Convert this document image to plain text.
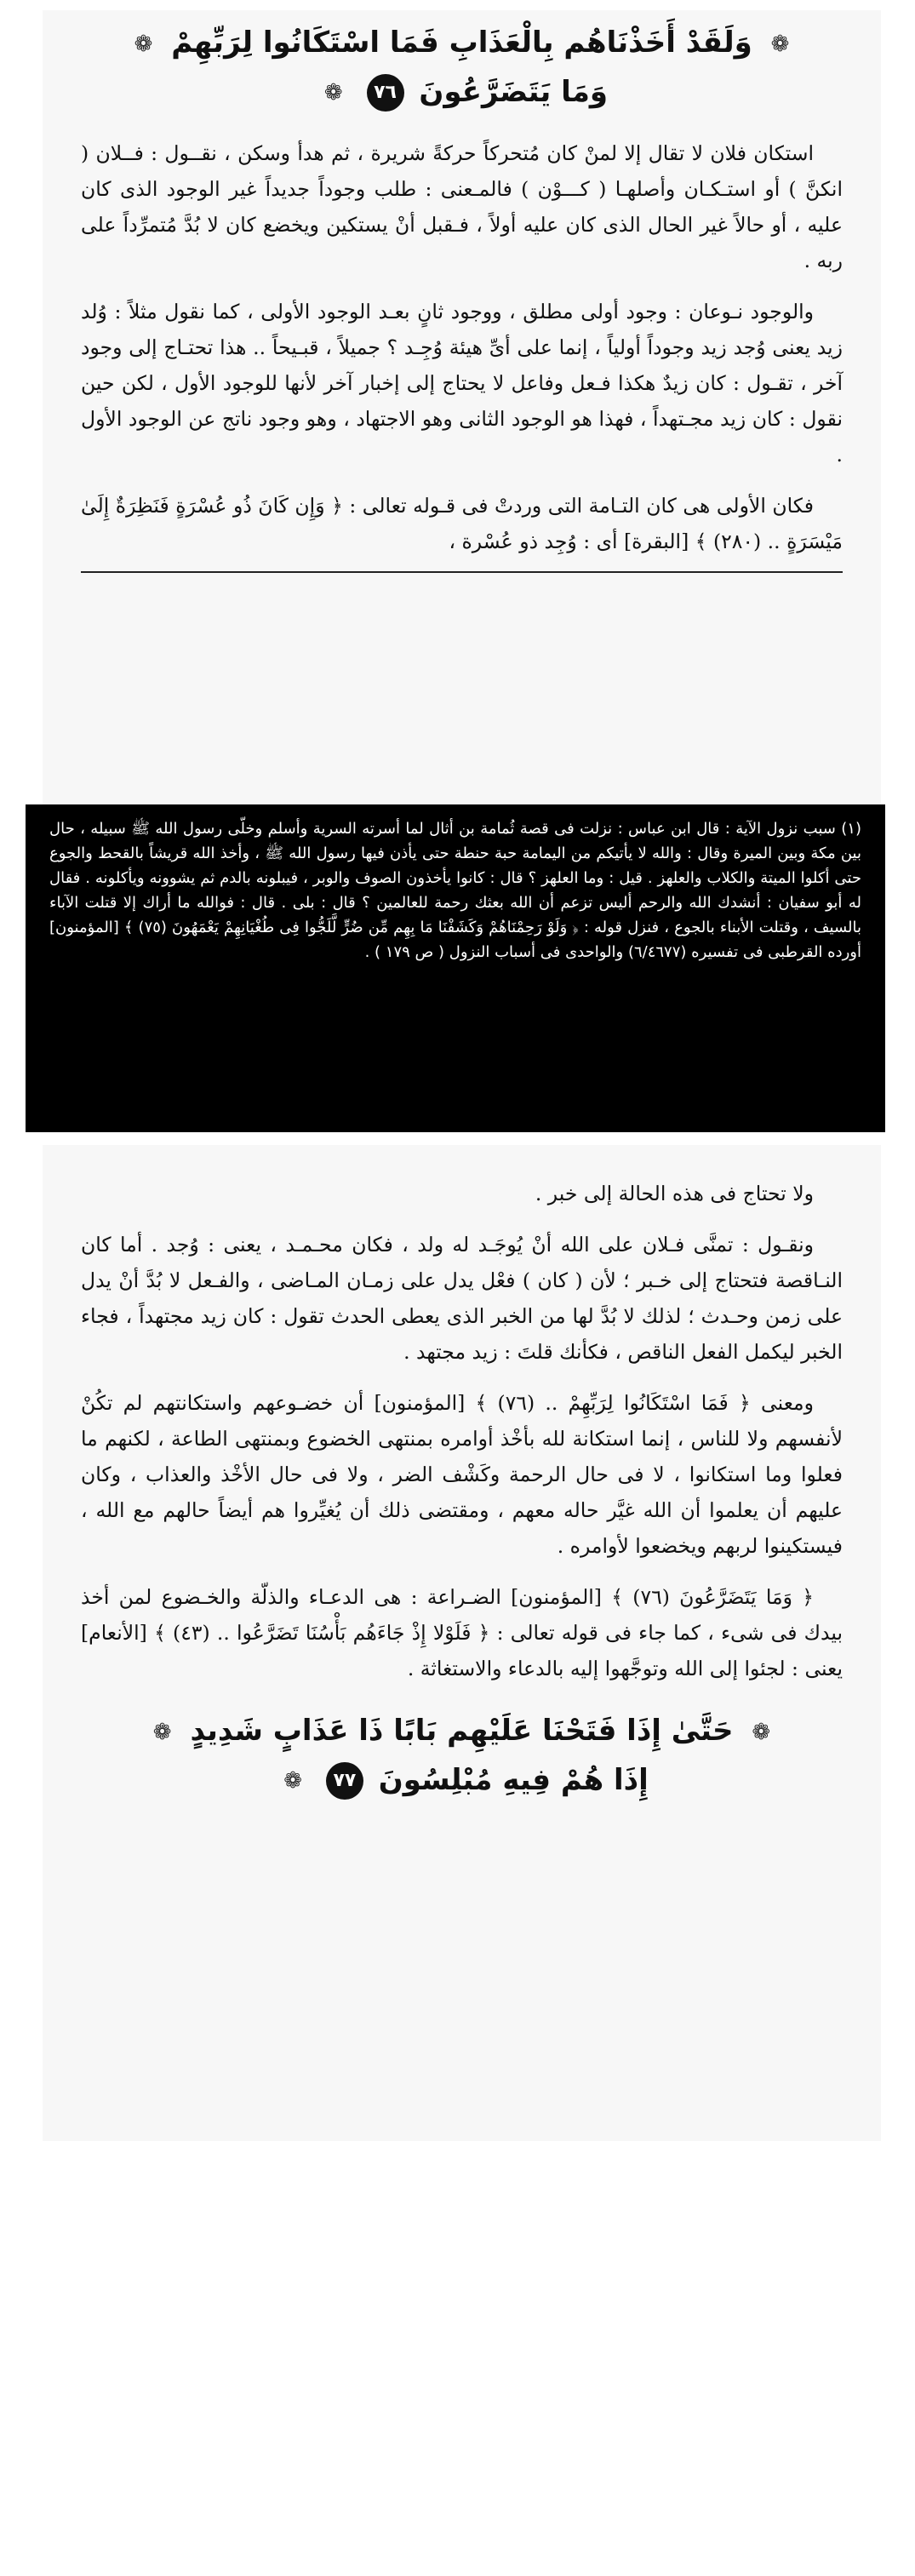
❁ وَلَقَدْ أَخَذْنَاهُم بِالْعَذَابِ فَمَا اسْتَكَانُوا لِرَبِّهِمْ ❁
وَمَا يَتَضَرَّعُونَ ٧٦ ❁

استكان فلان لا تقال إلا لمنْ كان مُتحركاً حركةً شريرة ، ثم هدأ وسكن ، نقــول : فــلان ( انكنَّ ) أو استـكـان وأصلهـا ( كـــوْن ) فالمـعنى : طلب وجوداً جديداً غير الوجود الذى كان عليه ، أو حالاً غير الحال الذى كان عليه أولاً ، فـقبل أنْ يستكين ويخضع كان لا بُدَّ مُتمرِّداً على ربه .

والوجود نـوعان : وجود أولى مطلق ، ووجود ثانٍ بعـد الوجود الأولى ، كما نقول مثلاً : وُلد زيد يعنى وُجد زيد وجوداً أولياً ، إنما على أىِّ هيئة وُجِـد ؟ جميلاً ، قبـيحاً .. هذا تحتـاج إلى وجود آخر ، تقـول : كان زيدٌ هكذا فـعل وفاعل لا يحتاج إلى إخبار آخر لأنها للوجود الأول ، لكن حين نقول : كان زيد مجـتهداً ، فهذا هو الوجود الثانى وهو الاجتهاد ، وهو وجود ناتج عن الوجود الأول .

فكان الأولى هى كان التـامة التى وردتْ فى قـوله تعالى : ﴿ وَإِن كَانَ ذُو عُسْرَةٍ فَنَظِرَةٌ إِلَىٰ مَيْسَرَةٍ .. (٢٨٠) ﴾ [البقرة] أى : وُجِد ذو عُسْرة ،

(١) سبب نزول الآية : قال ابن عباس : نزلت فى قصة ثُمامة بن أثال لما أسرته السرية وأسلم وخلّى رسول الله ﷺ سبيله ، حال بين مكة وبين الميرة وقال : والله لا يأتيكم من اليمامة حبة حنطة حتى يأذن فيها رسول الله ﷺ ، وأخذ الله قريشاً بالقحط والجوع حتى أكلوا الميتة والكلاب والعلهز . قيل : وما العلهز ؟ قال : كانوا يأخذون الصوف والوبر ، فيبلونه بالدم ثم يشوونه ويأكلونه . فقال له أبو سفيان : أنشدك الله والرحم أليس تزعم أن الله بعثك رحمة للعالمين ؟ قال : بلى . قال : فوالله ما أراك إلا قتلت الآباء بالسيف ، وقتلت الأبناء بالجوع ، فنزل قوله : ﴿ وَلَوْ رَحِمْنَاهُمْ وَكَشَفْنَا مَا بِهِم مِّن ضُرٍّ لَّلَجُّوا فِى طُغْيَانِهِمْ يَعْمَهُونَ (٧٥) ﴾ [المؤمنون] أورده القرطبى فى تفسيره (٦/٤٦٧٧) والواحدى فى أسباب النزول ( ص ١٧٩ ) .

ولا تحتاج فى هذه الحالة إلى خبر .

ونقـول : تمنَّى فـلان على الله أنْ يُوجَـد له ولد ، فكان محـمـد ، يعنى : وُجد . أما كان النـاقصة فتحتاج إلى خـبر ؛ لأن ( كان ) فعْل يدل على زمـان المـاضى ، والفـعل لا بُدَّ أنْ يدل على زمن وحـدث ؛ لذلك لا بُدَّ لها من الخبر الذى يعطى الحدث تقول : كان زيد مجتهداً ، فجاء الخبر ليكمل الفعل الناقص ، فكأنك قلتَ : زيد مجتهد .

ومعنى ﴿ فَمَا اسْتَكَانُوا لِرَبِّهِمْ .. (٧٦) ﴾ [المؤمنون] أن خضـوعهم واستكانتهم لم تكُنْ لأنفسهم ولا للناس ، إنما استكانة لله بأخْذ أوامره بمنتهى الخضوع وبمنتهى الطاعة ، لكنهم ما فعلوا وما استكانوا ، لا فى حال الرحمة وكَشْف الضر ، ولا فى حال الأخْذ والعذاب ، وكان عليهم أن يعلموا أن الله غيَّر حاله معهم ، ومقتضى ذلك أن يُغيِّروا هم أيضاً حالهم مع الله ، فيستكينوا لربهم ويخضعوا لأوامره .

﴿ وَمَا يَتَضَرَّعُونَ (٧٦) ﴾ [المؤمنون] الضـراعة : هى الدعـاء والذلّة والخـضوع لمن أخذ بيدك فى شىء ، كما جاء فى قوله تعالى : ﴿ فَلَوْلا إِذْ جَاءَهُم بَأْسُنَا تَضَرَّعُوا .. (٤٣) ﴾ [الأنعام] يعنى : لجئوا إلى الله وتوجَّهوا إليه بالدعاء والاستغاثة .

❁ حَتَّىٰ إِذَا فَتَحْنَا عَلَيْهِم بَابًا ذَا عَذَابٍ شَدِيدٍ ❁
إِذَا هُمْ فِيهِ مُبْلِسُونَ ٧٧ ❁
